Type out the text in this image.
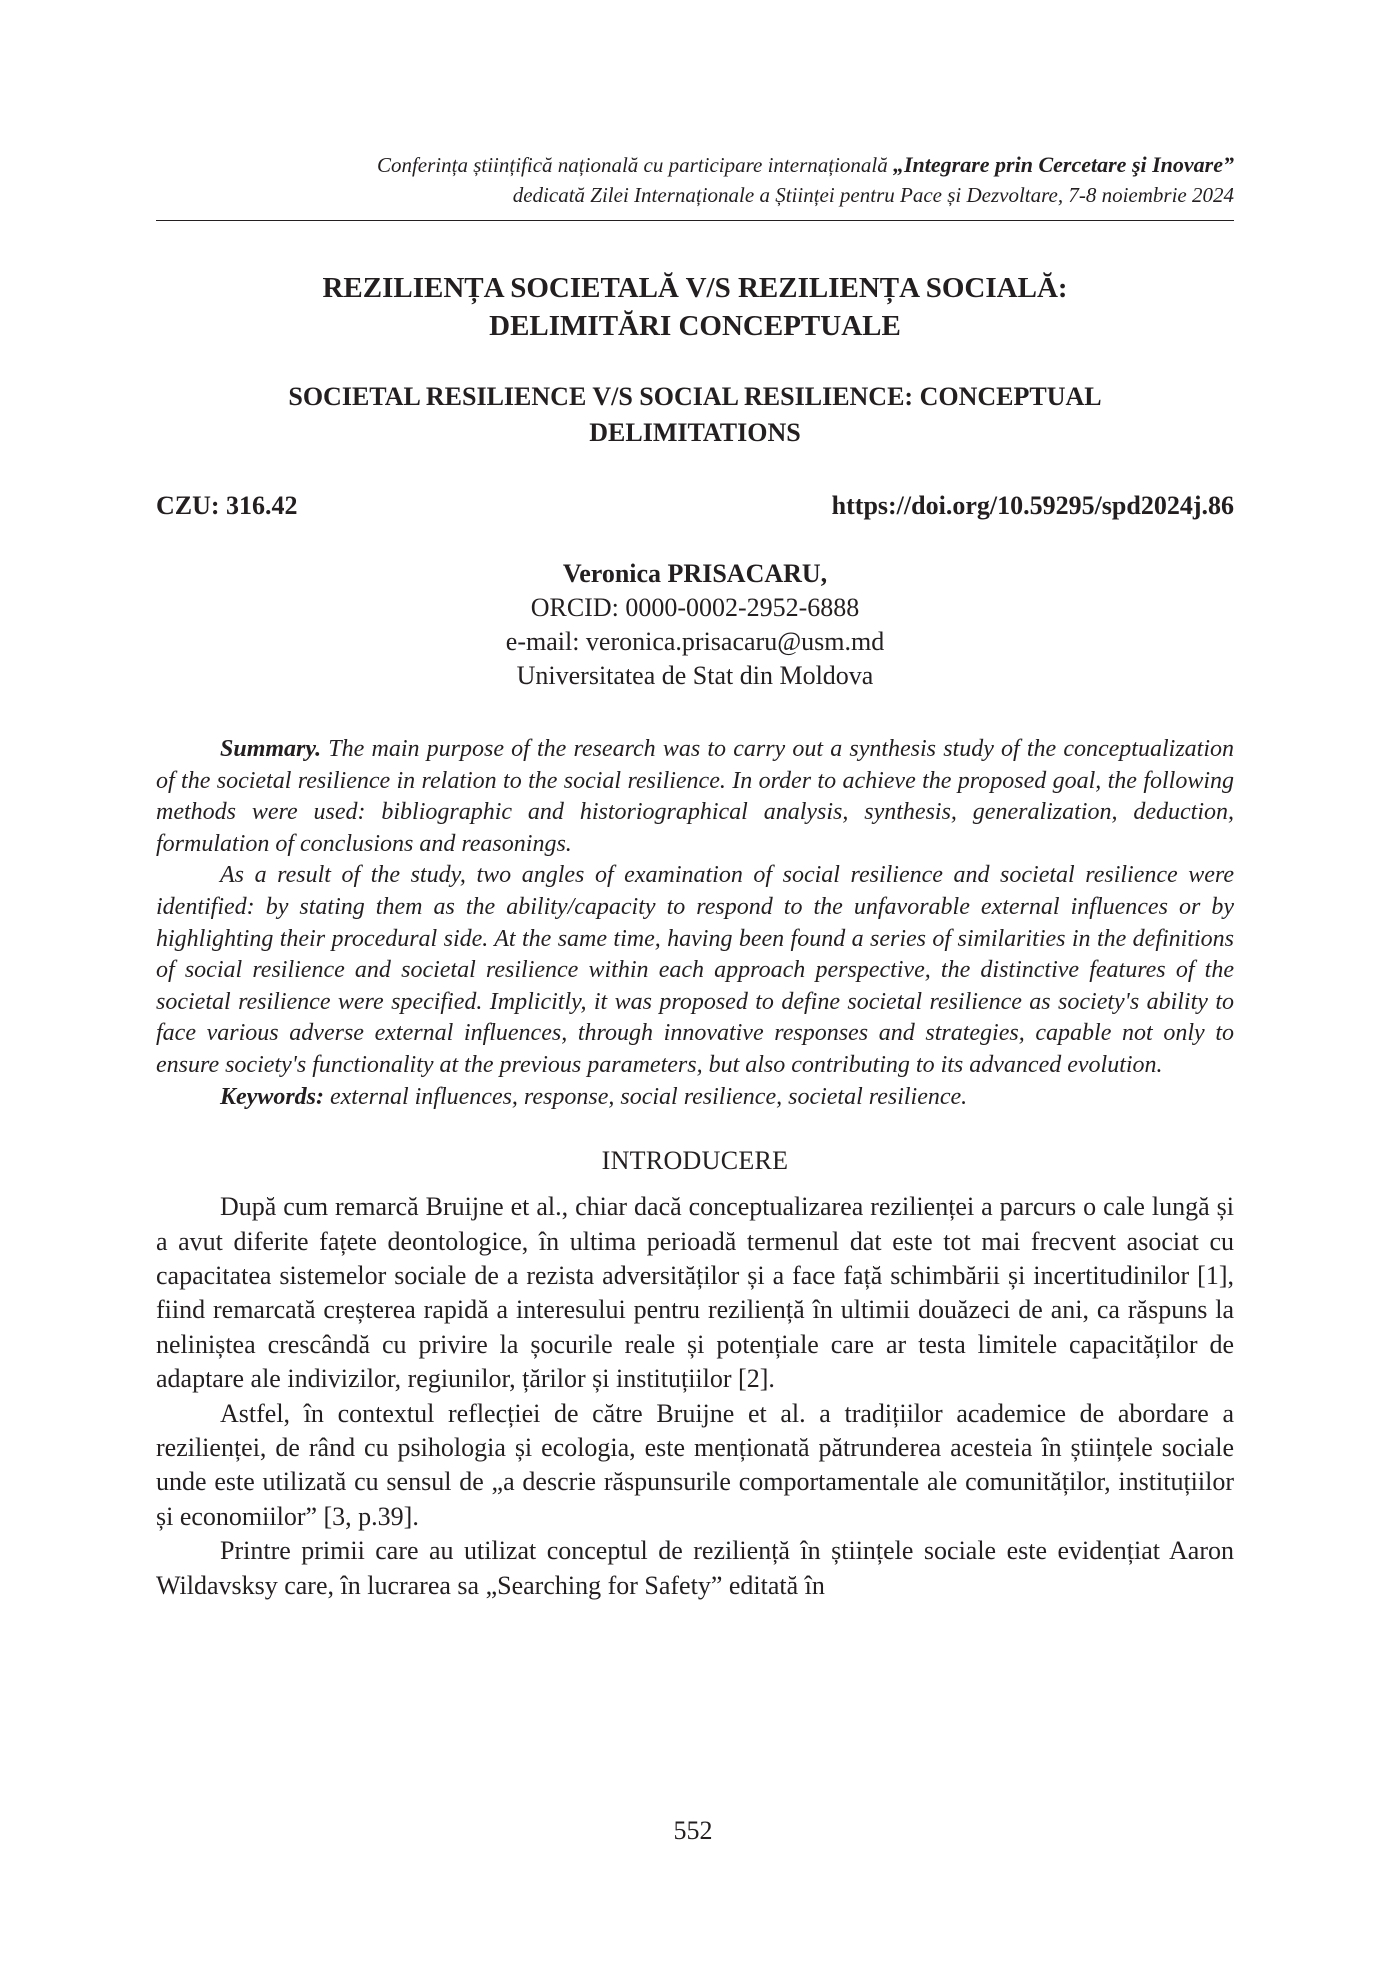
Conferința științifică națională cu participare internațională „Integrare prin Cercetare şi Inovare”
dedicată Zilei Internaționale a Științei pentru Pace și Dezvoltare, 7-8 noiembrie 2024
REZILIENȚA SOCIETALĂ V/S REZILIENȚA SOCIALĂ:
DELIMITĂRI CONCEPTUALE
SOCIETAL RESILIENCE V/S SOCIAL RESILIENCE: CONCEPTUAL
DELIMITATIONS
CZU: 316.42	https://doi.org/10.59295/spd2024j.86
Veronica PRISACARU,
ORCID: 0000-0002-2952-6888
e-mail: veronica.prisacaru@usm.md
Universitatea de Stat din Moldova

Summary. The main purpose of the research was to carry out a synthesis study of the conceptualization of the societal resilience in relation to the social resilience. In order to achieve the proposed goal, the following methods were used: bibliographic and historiographical analysis, synthesis, generalization, deduction, formulation of conclusions and reasonings.

As a result of the study, two angles of examination of social resilience and societal resilience were identified: by stating them as the ability/capacity to respond to the unfavorable external influences or by highlighting their procedural side. At the same time, having been found a series of similarities in the definitions of social resilience and societal resilience within each approach perspective, the distinctive features of the societal resilience were specified. Implicitly, it was proposed to define societal resilience as society's ability to face various adverse external influences, through innovative responses and strategies, capable not only to ensure society's functionality at the previous parameters, but also contributing to its advanced evolution.

Keywords: external influences, response, social resilience, societal resilience.

INTRODUCERE

După cum remarcă Bruijne et al., chiar dacă conceptualizarea rezilienței a parcurs o cale lungă și a avut diferite fațete deontologice, în ultima perioadă termenul dat este tot mai frecvent asociat cu capacitatea sistemelor sociale de a rezista adversităților și a face față schimbării și incertitudinilor [1], fiind remarcată creșterea rapidă a interesului pentru reziliență în ultimii douăzeci de ani, ca răspuns la neliniștea crescândă cu privire la șocurile reale și potențiale care ar testa limitele capacităților de adaptare ale indivizilor, regiunilor, țărilor și instituțiilor [2].

Astfel, în contextul reflecției de către Bruijne et al. a tradițiilor academice de abordare a rezilienței, de rând cu psihologia și ecologia, este menționată pătrunderea acesteia în științele sociale unde este utilizată cu sensul de „a descrie răspunsurile comportamentale ale comunităților, instituțiilor și economiilor” [3, p.39].

Printre primii care au utilizat conceptul de reziliență în științele sociale este evidențiat Aaron Wildavsksy care, în lucrarea sa „Searching for Safety” editată în

552
